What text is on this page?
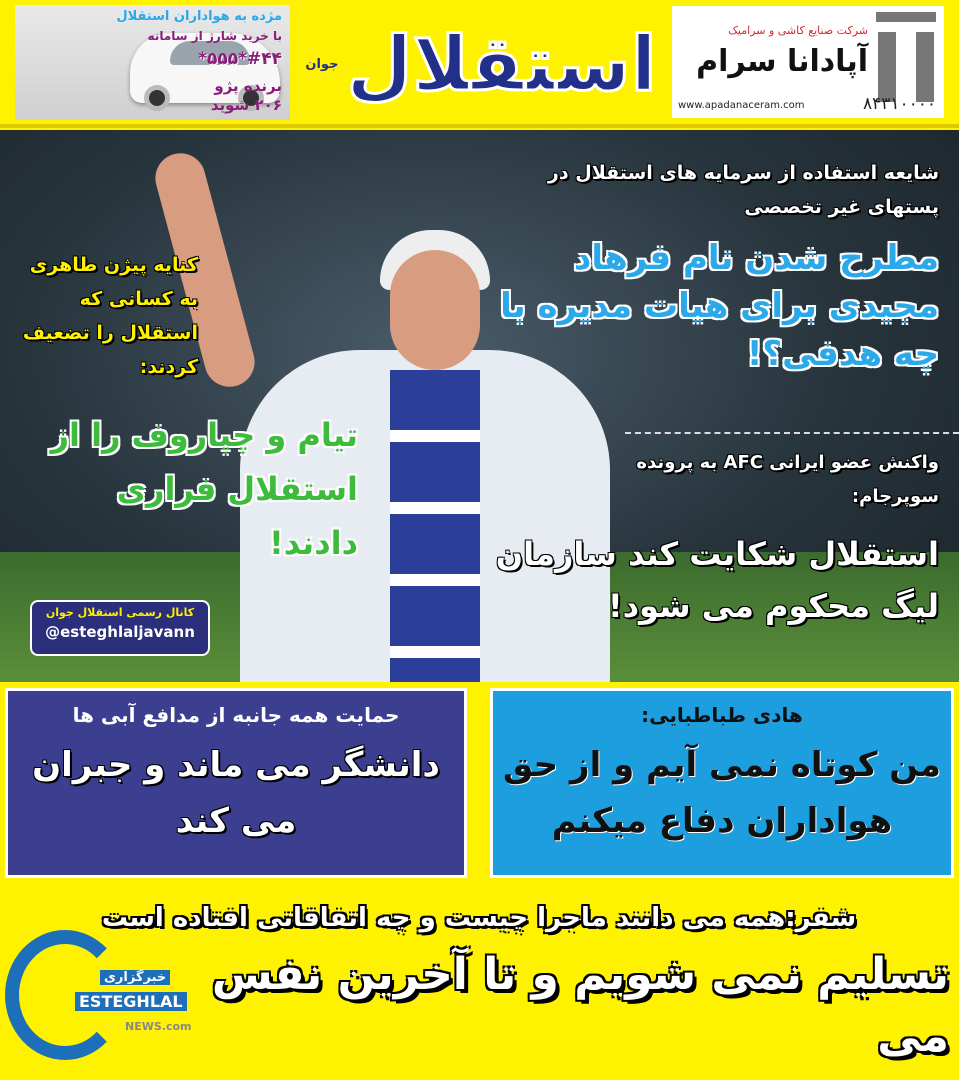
مژده به هواداران استقلال
با خرید شارژ از سامانه
#۴۴*۵۵۵*
برنده پژو ۲۰۶ شوید
جوان استقلال	شرکت صنایع کاشی و سرامیک
آپادانا سرام
www.apadanaceram.com	۸۴۳۱۰۰۰۰
شایعه استفاده از سرمایه های استقلال در پستهای غیر تخصصی
مطرح شدن نام فرهاد مجیدی برای هیات مدیره با چه هدفی؟!
واکنش عضو ایرانی AFC به پرونده سوپرجام:
استقلال شکایت کند سازمان لیگ محکوم می شود!
کنایه پیژن طاهری به کسانی که استقلال را تضعیف کردند:
تیام و چپاروف را از استقلال فراری دادند!
کانال رسمی استقلال جوان
@esteghlaljavann
حمایت همه جانبه از مدافع آبی ها
دانشگر می ماند و جبران می کند
هادی طباطبایی:
من کوتاه نمی آیم و از حق هواداران دفاع میکنم
شفر:همه می دانند ماجرا چیست و چه اتفاقاتی افتاده است
تسلیم نمی شویم و تا آخرین نفس می
خبرگزاری
ESTEGHLAL
NEWS.com
